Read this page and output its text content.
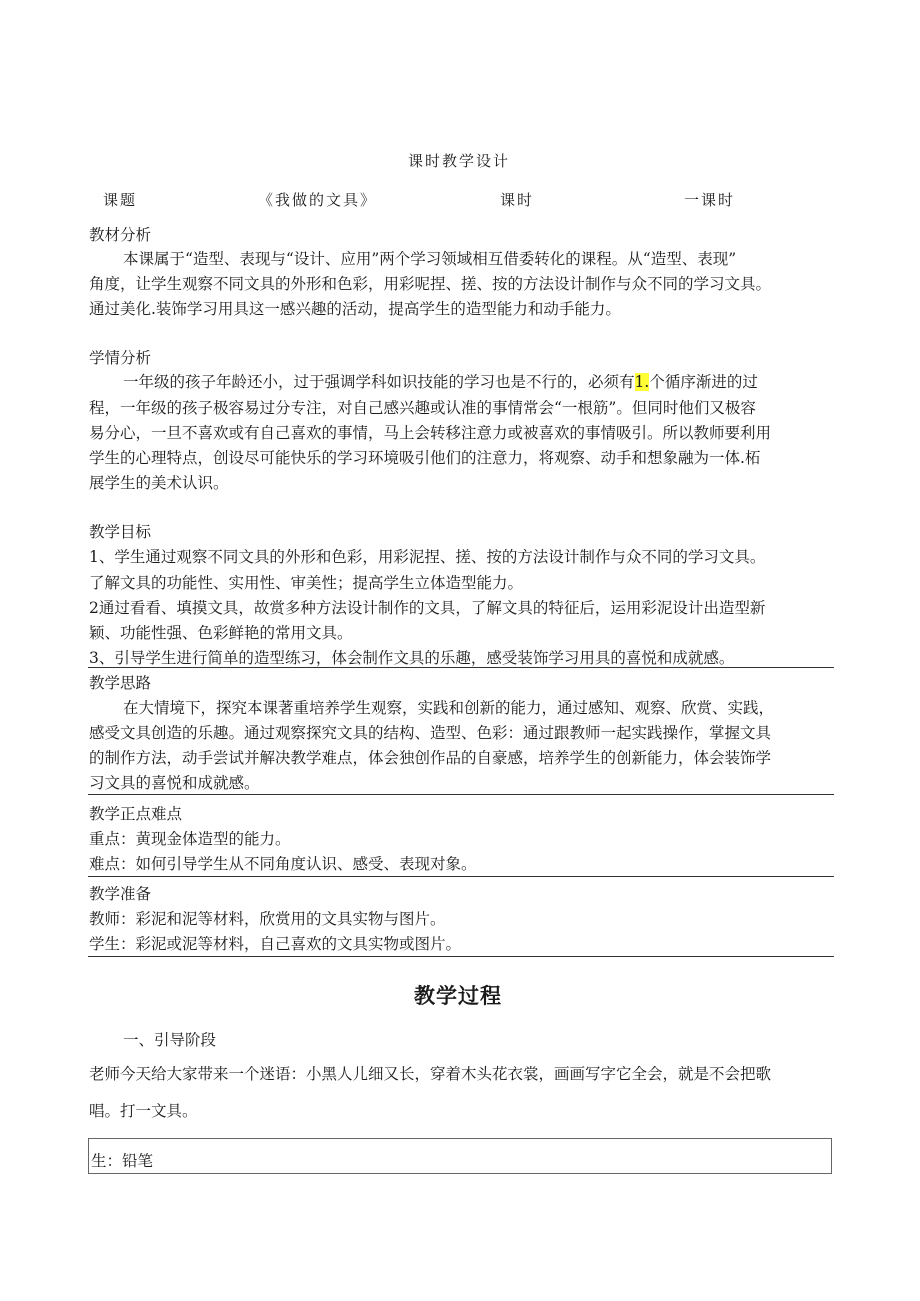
课时教学设计
课题	《我做的文具》	课时	一课时
教材分析
本课属于“造型、表现与“设计、应用”两个学习领域相互借委转化的课程。从“造型、表现”
角度，让学生观察不同文具的外形和色彩，用彩呢捏、搓、按的方法设计制作与众不同的学习文具。
通过美化.装饰学习用具这一感兴趣的活动，提高学生的造型能力和动手能力。
学情分析
一年级的孩子年龄还小，过于强调学科如识技能的学习也是不行的，必须有1.个循序渐进的过
程，一年级的孩子极容易过分专注，对自己感兴趣或认准的事情常会“一根筋”。但同时他们又极容
易分心，一旦不喜欢或有自己喜欢的事情，马上会转移注意力或被喜欢的事情吸引。所以教师要利用
学生的心理特点，创设尽可能快乐的学习环境吸引他们的注意力，将观察、动手和想象融为一体.柘
展学生的美术认识。
教学目标
1、学生通过观察不同文具的外形和色彩，用彩泥捏、搓、按的方法设计制作与众不同的学习文具。
了解文具的功能性、实用性、审美性；提高学生立体造型能力。
2通过看看、填摸文具，故赏多种方法设计制作的文具，了解文具的特征后，运用彩泥设计出造型新
颖、功能性强、色彩鲜艳的常用文具。
3、引导学生进行简单的造型练习，体会制作文具的乐趣，感受装饰学习用具的喜悦和成就感。
教学思路
在大情境下，探究本课著重培养学生观察，实践和创新的能力，通过感知、观察、欣赏、实践，
感受文具创造的乐趣。通过观察探究文具的结构、造型、色彩：通过跟教师一起实践操作，掌握文具
的制作方法，动手尝试并解决教学难点，体会独创作品的自豪感，培养学生的创新能力，体会装饰学
习文具的喜悦和成就感。
教学正点难点
重点：黄现金体造型的能力。
难点：如何引导学生从不同角度认识、感受、表现对象。
教学准备
教师：彩泥和泥等材料，欣赏用的文具实物与图片。
学生：彩泥或泥等材料，自己喜欢的文具实物或图片。
教学过程
一、引导阶段
老师今天给大家带来一个迷语：小黑人儿细又长，穿着木头花衣裳，画画写字它全会，就是不会把歌
唱。打一文具。
生：铅笔
